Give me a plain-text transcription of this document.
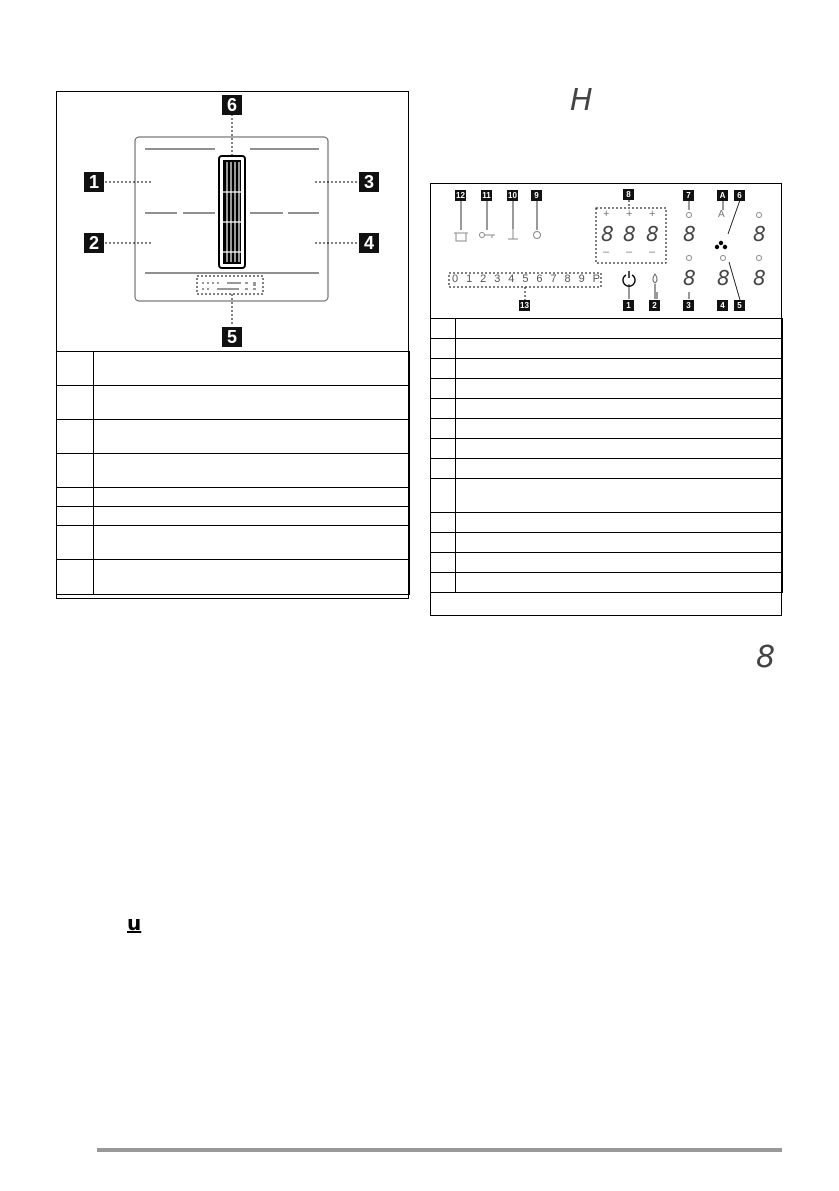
H
1
2
3
4
5
6

12 11 10	9	8	7	A	6
1	2	3	4	5
13
+ + +
– – –
8 8 8 8	8
8 8 8
A
0 1 2 3 4 5 6 7 8 9 P

8
u
